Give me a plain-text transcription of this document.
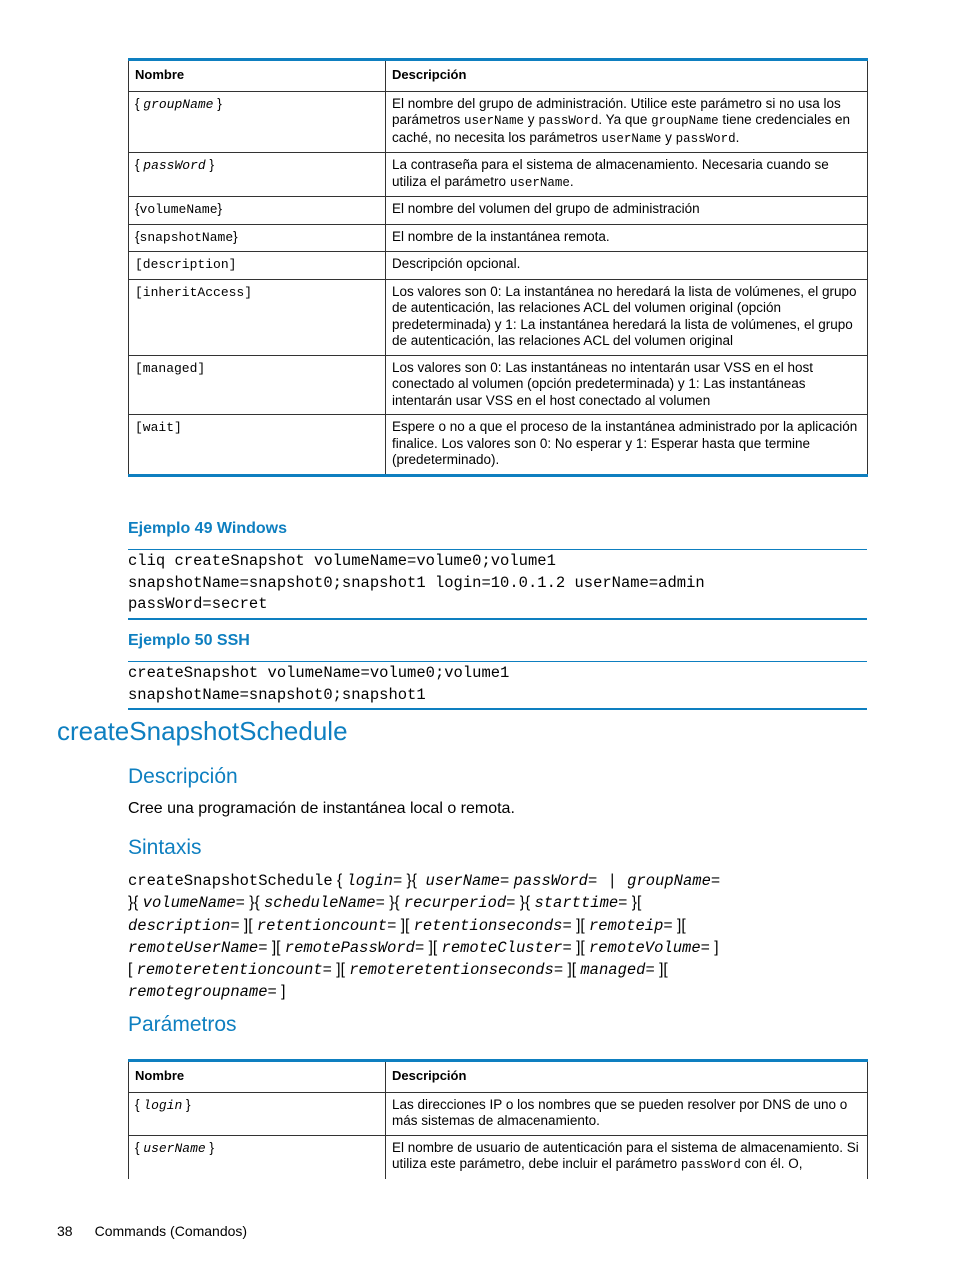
Nombre	Descripción
{ groupName }	El nombre del grupo de administración. Utilice este parámetro si no usa los parámetros userName y passWord. Ya que groupName tiene credenciales en caché, no necesita los parámetros userName y passWord.
{ passWord }	La contraseña para el sistema de almacenamiento. Necesaria cuando se utiliza el parámetro userName.
{volumeName}	El nombre del volumen del grupo de administración
{snapshotName}	El nombre de la instantánea remota.
[description]	Descripción opcional.
[inheritAccess]	Los valores son 0: La instantánea no heredará la lista de volúmenes, el grupo de autenticación, las relaciones ACL del volumen original (opción predeterminada) y 1: La instantánea heredará la lista de volúmenes, el grupo de autenticación, las relaciones ACL del volumen original
[managed]	Los valores son 0: Las instantáneas no intentarán usar VSS en el host conectado al volumen (opción predeterminada) y 1: Las instantáneas intentarán usar VSS en el host conectado al volumen
[wait]	Espere o no a que el proceso de la instantánea administrado por la aplicación finalice. Los valores son 0: No esperar y 1: Esperar hasta que termine (predeterminado).
Ejemplo 49 Windows
cliq createSnapshot volumeName=volume0;volume1
snapshotName=snapshot0;snapshot1 login=10.0.1.2 userName=admin
passWord=secret
Ejemplo 50 SSH
createSnapshot volumeName=volume0;volume1
snapshotName=snapshot0;snapshot1
createSnapshotSchedule
Descripción
Cree una programación de instantánea local o remota.
Sintaxis
createSnapshotSchedule { login= }{  userName= passWord= | groupName=
}{ volumeName= }{ scheduleName= }{ recurperiod= }{ starttime= }[
description= ][ retentioncount= ][ retentionseconds= ][ remoteip= ][
remoteUserName= ][ remotePassWord= ][ remoteCluster= ][ remoteVolume= ]
[ remoteretentioncount= ][ remoteretentionseconds= ][ managed= ][
remotegroupname= ]
Parámetros
Nombre	Descripción
{ login }	Las direcciones IP o los nombres que se pueden resolver por DNS de uno o más sistemas de almacenamiento.
{ userName }	El nombre de usuario de autenticación para el sistema de almacenamiento. Si utiliza este parámetro, debe incluir el parámetro passWord con él. O,
38 Commands (Comandos)
